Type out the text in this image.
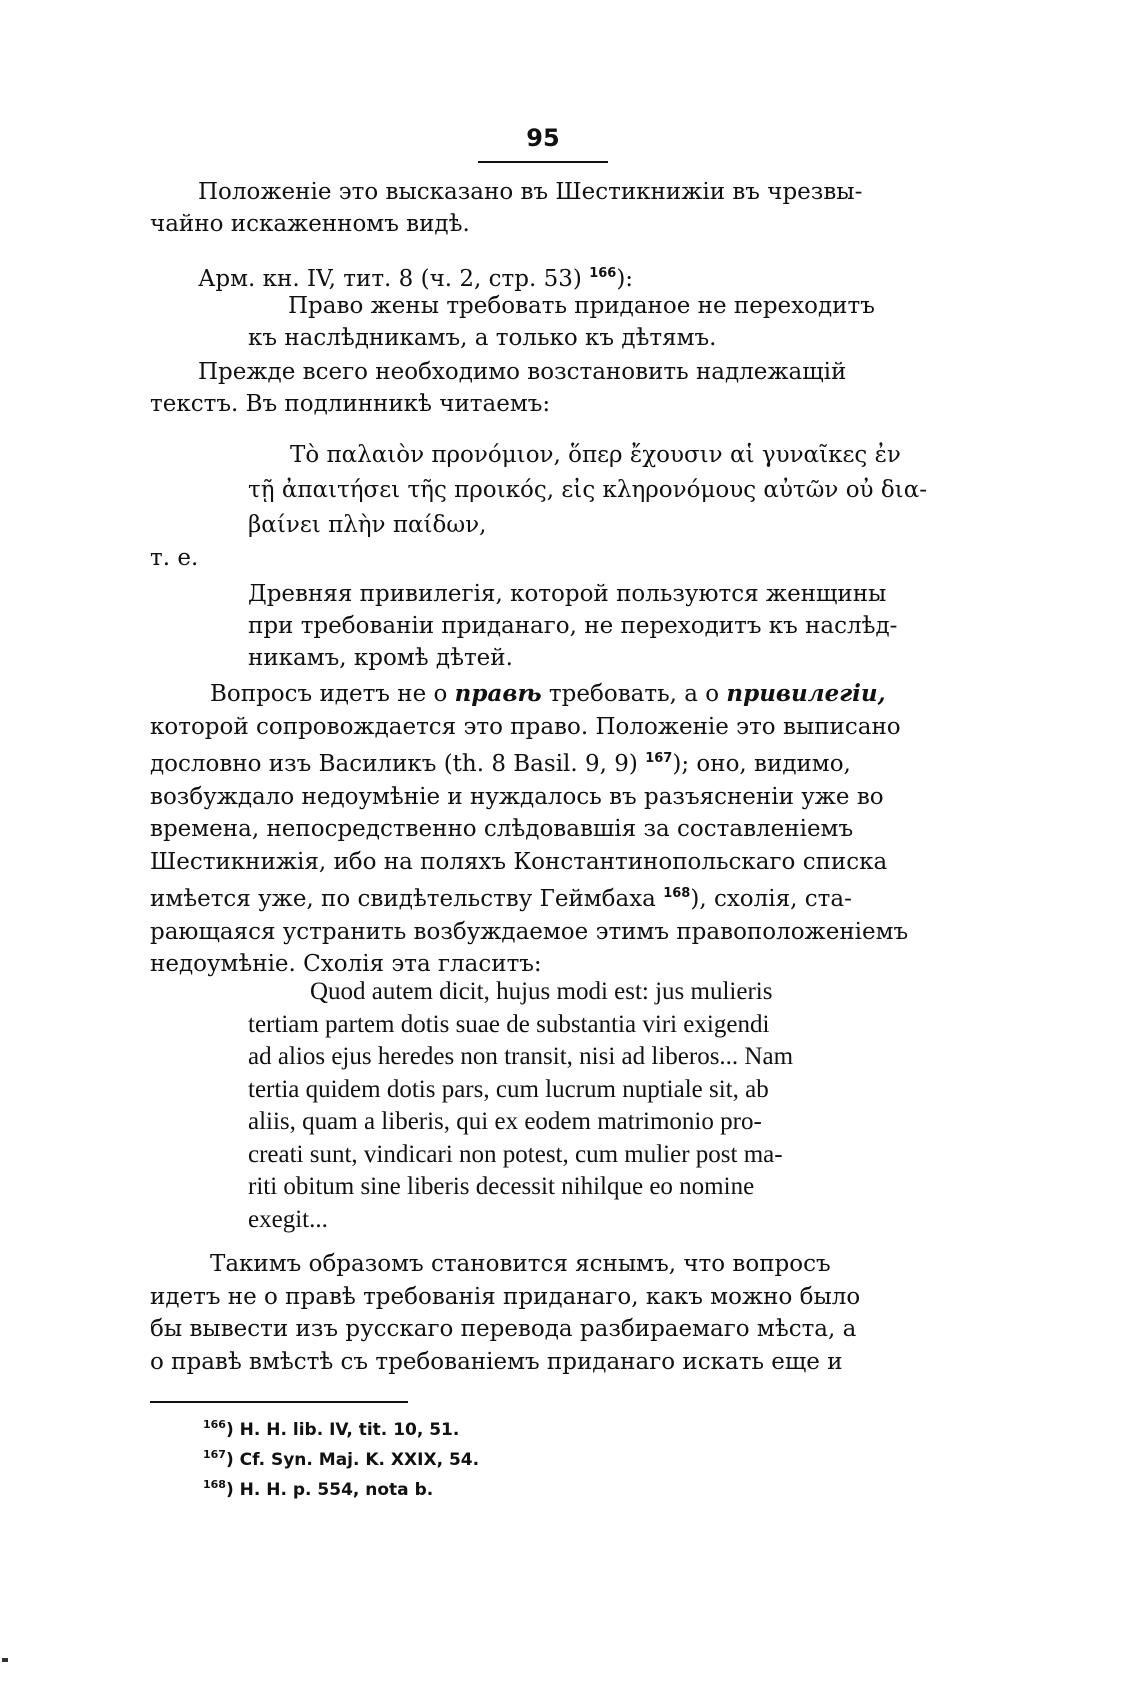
95
Положеніе это высказано въ Шестикнижіи въ чрезвы-
чайно искаженномъ видѣ.
Арм. кн. IV, тит. 8 (ч. 2, стр. 53) $^{166}$):
Право жены требовать приданое не переходитъ
къ наслѣдникамъ, а только къ дѣтямъ.
Прежде всего необходимо возстановить надлежащій
текстъ. Въ подлинникѣ читаемъ:
Τὸ παλαιὸν προνόμιον, ὅπερ ἔχουσιν αἱ γυναῖκες ἐν
τῇ ἀπαιτήσει τῆς προικός, εἰς κληρονόμους αὐτῶν οὐ δια-
βαίνει πλὴν παίδων,
т. е.
Древняя привилегія, которой пользуются женщины
при требованіи приданаго, не переходитъ къ наслѣд-
никамъ, кромѣ дѣтей.
Вопросъ идетъ не о правѣ требовать, а о привилегіи,
которой сопровождается это право. Положеніе это выписано
дословно изъ Василикъ (th. 8 Basil. 9, 9) $^{167}$); оно, видимо,
возбуждало недоумѣніе и нуждалось въ разъясненіи уже во
времена, непосредственно слѣдовавшія за составленіемъ
Шестикнижія, ибо на поляхъ Константинопольскаго списка
имѣется уже, по свидѣтельству Геймбаха $^{168}$), схолія, ста-
рающаяся устранить возбуждаемое этимъ правоположеніемъ
недоумѣніе. Схолія эта гласитъ:
Quod autem dicit, hujus modi est: jus mulieris
tertiam partem dotis suae de substantia viri exigendi
ad alios ejus heredes non transit, nisi ad liberos... Nam
tertia quidem dotis pars, cum lucrum nuptiale sit, ab
aliis, quam a liberis, qui ex eodem matrimonio pro-
creati sunt, vindicari non potest, cum mulier post ma-
riti obitum sine liberis decessit nihilque eo nomine
exegit...
Такимъ образомъ становится яснымъ, что вопросъ
идетъ не о правѣ требованія приданаго, какъ можно было
бы вывести изъ русскаго перевода разбираемаго мѣста, а
о правѣ вмѣстѣ съ требованіемъ приданаго искать еще и
$^{166}$) H. H. lib. IV, tit. 10, 51.
$^{167}$) Cf. Syn. Maj. K. XXIX, 54.
$^{168}$) H. H. p. 554, nota b.
